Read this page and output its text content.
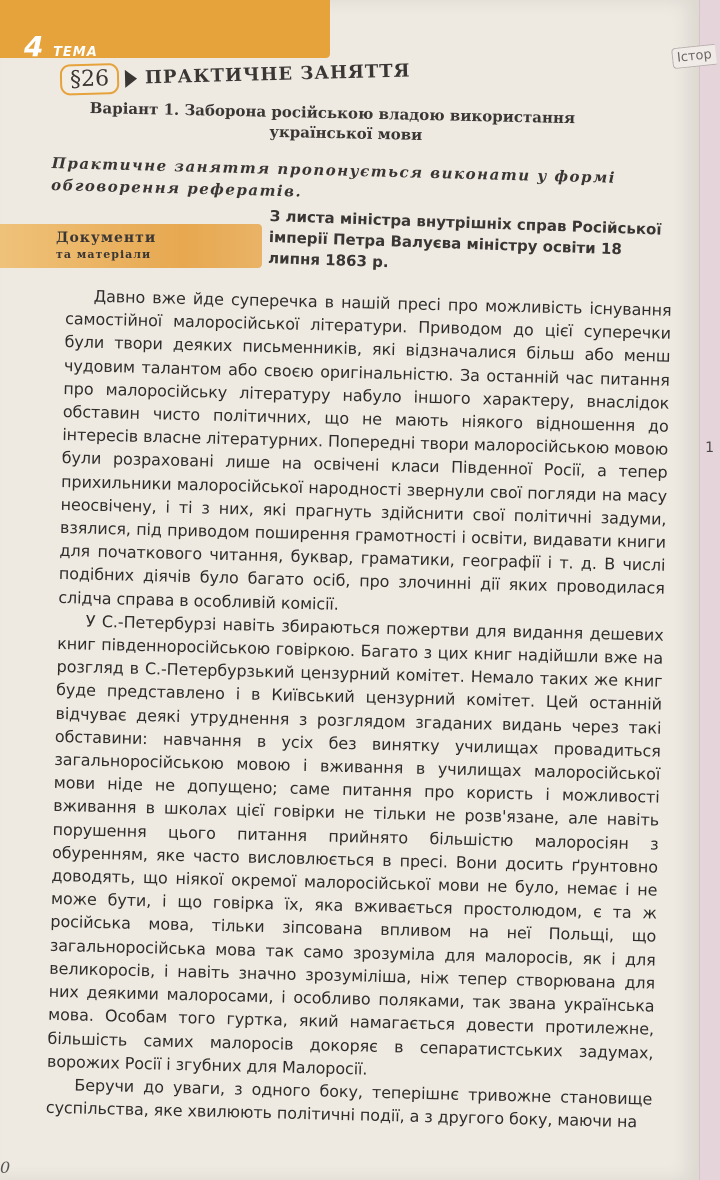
4 ТЕМА
§26	ПРАКТИЧНЕ ЗАНЯТТЯ
Варіант 1. Заборона російською владою використання
української мови
Практичне заняття пропонується виконати у формі обговорення рефератів.
Документи
та матеріали
З листа міністра внутрішніх справ Російської імперії Петра Валуєва міністру освіти 18 липня 1863 р.

Давно вже йде суперечка в нашій пресі про можливість існування самостійної малоросійської літератури. Приводом до цієї суперечки були твори деяких письменників, які відзначалися більш або менш чудовим талантом або своєю оригінальністю. За останній час питання про малоросійську літературу набуло іншого характеру, внаслідок обставин чисто політичних, що не мають ніякого відношення до інтересів власне літературних. Попередні твори малоросійською мовою були розраховані лише на освічені класи Південної Росії, а тепер прихильники малоросійської народності звернули свої погляди на масу неосвічену, і ті з них, які прагнуть здійснити свої політичні задуми, взялися, під приводом поширення грамотності і освіти, видавати книги для початкового читання, буквар, граматики, географії і т. д. В числі подібних діячів було багато осіб, про злочинні дії яких проводилася слідча справа в особливій комісії.

У С.-Петербурзі навіть збираються пожертви для видання дешевих книг південноросійською говіркою. Багато з цих книг надійшли вже на розгляд в С.-Петербурзький цензурний комітет. Немало таких же книг буде представлено і в Київський цензурний комітет. Цей останній відчуває деякі утруднення з розглядом згаданих видань через такі обставини: навчання в усіх без винятку училищах провадиться загальноросійською мовою і вживання в училищах малоросійської мови ніде не допущено; саме питання про користь і можливості вживання в школах цієї говірки не тільки не розв'язане, але навіть порушення цього питання прийнято більшістю малоросіян з обуренням, яке часто висловлюється в пресі. Вони досить ґрунтовно доводять, що ніякої окремої малоросійської мови не було, немає і не може бути, і що говірка їх, яка вживається простолюдом, є та ж російська мова, тільки зіпсована впливом на неї Польщі, що загальноросійська мова так само зрозуміла для малоросів, як і для великоросів, і навіть значно зрозуміліша, ніж тепер створювана для них деякими малоросами, і особливо поляками, так звана українська мова. Особам того гуртка, який намагається довести протилежне, більшість самих малоросів докоряє в сепаратистських задумах, ворожих Росії і згубних для Малоросії.

Беручи до уваги, з одного боку, теперішнє тривожне становище суспільства, яке хвилюють політичні події, а з другого боку, маючи на

0
Істор
1
